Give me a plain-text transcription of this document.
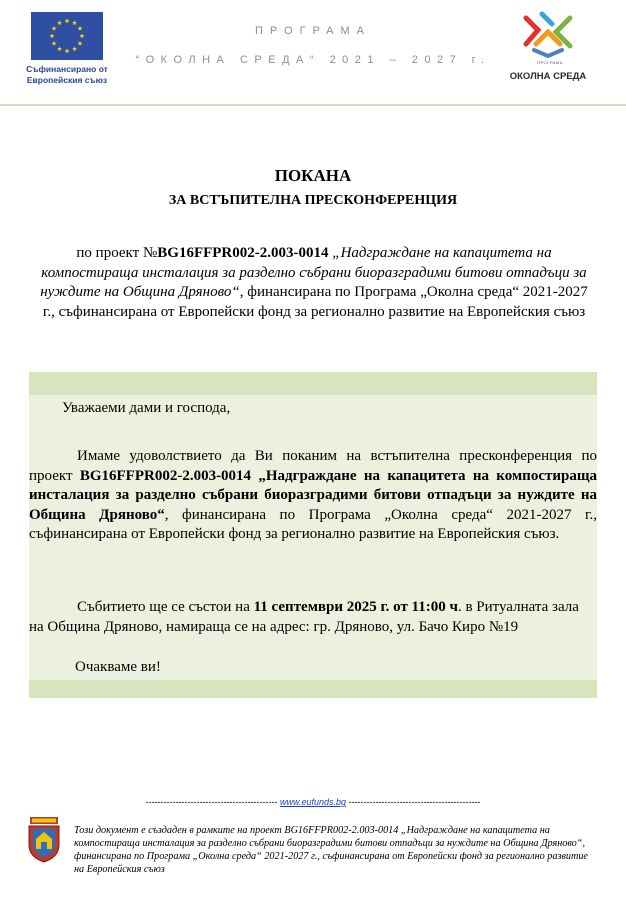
Съфинансирано от
Европейския съюз
ПРОГРАМА
“ОКОЛНА СРЕДА“ 2021 – 2027 г.	ПРОГРАМА
ОКОЛНА СРЕДА
ПОКАНА
ЗА ВСТЪПИТЕЛНА ПРЕСКОНФЕРЕНЦИЯ
по проект №BG16FFPR002-2.003-0014 „Надграждане на капацитета на компостираща инсталация за разделно събрани биоразградими битови отпадъци за нуждите на Община Дряново“, финансирана по Програма „Околна среда“ 2021-2027 г., съфинансирана от Европейски фонд за регионално развитие на Европейския съюз
Уважаеми дами и господа,
Имаме удоволствието да Ви поканим на встъпителна пресконференция по проект BG16FFPR002-2.003-0014 „Надграждане на капацитета на компостираща инсталация за разделно събрани биоразградими битови отпадъци за нуждите на Община Дряново“, финансирана по Програма „Околна среда“ 2021-2027 г., съфинансирана от Европейски фонд за регионално развитие на Европейския съюз.
Събитието ще се състои на 11 септември 2025 г. от 11:00 ч. в Ритуалната зала на Община Дряново, намираща се на адрес: гр. Дряново, ул. Бачо Киро №19
Очакваме ви!
-------------------------------------------- www.eufunds.bg --------------------------------------------
Този документ е създаден в рамките на проект BG16FFPR002-2.003-0014 „Надграждане на капацитета на компостираща инсталация за разделно събрани биоразградими битови отпадъци за нуждите на Община Дряново“, финансирана по Програма „Околна среда“ 2021-2027 г., съфинансирана от Европейски фонд за регионално развитие на Европейския съюз
